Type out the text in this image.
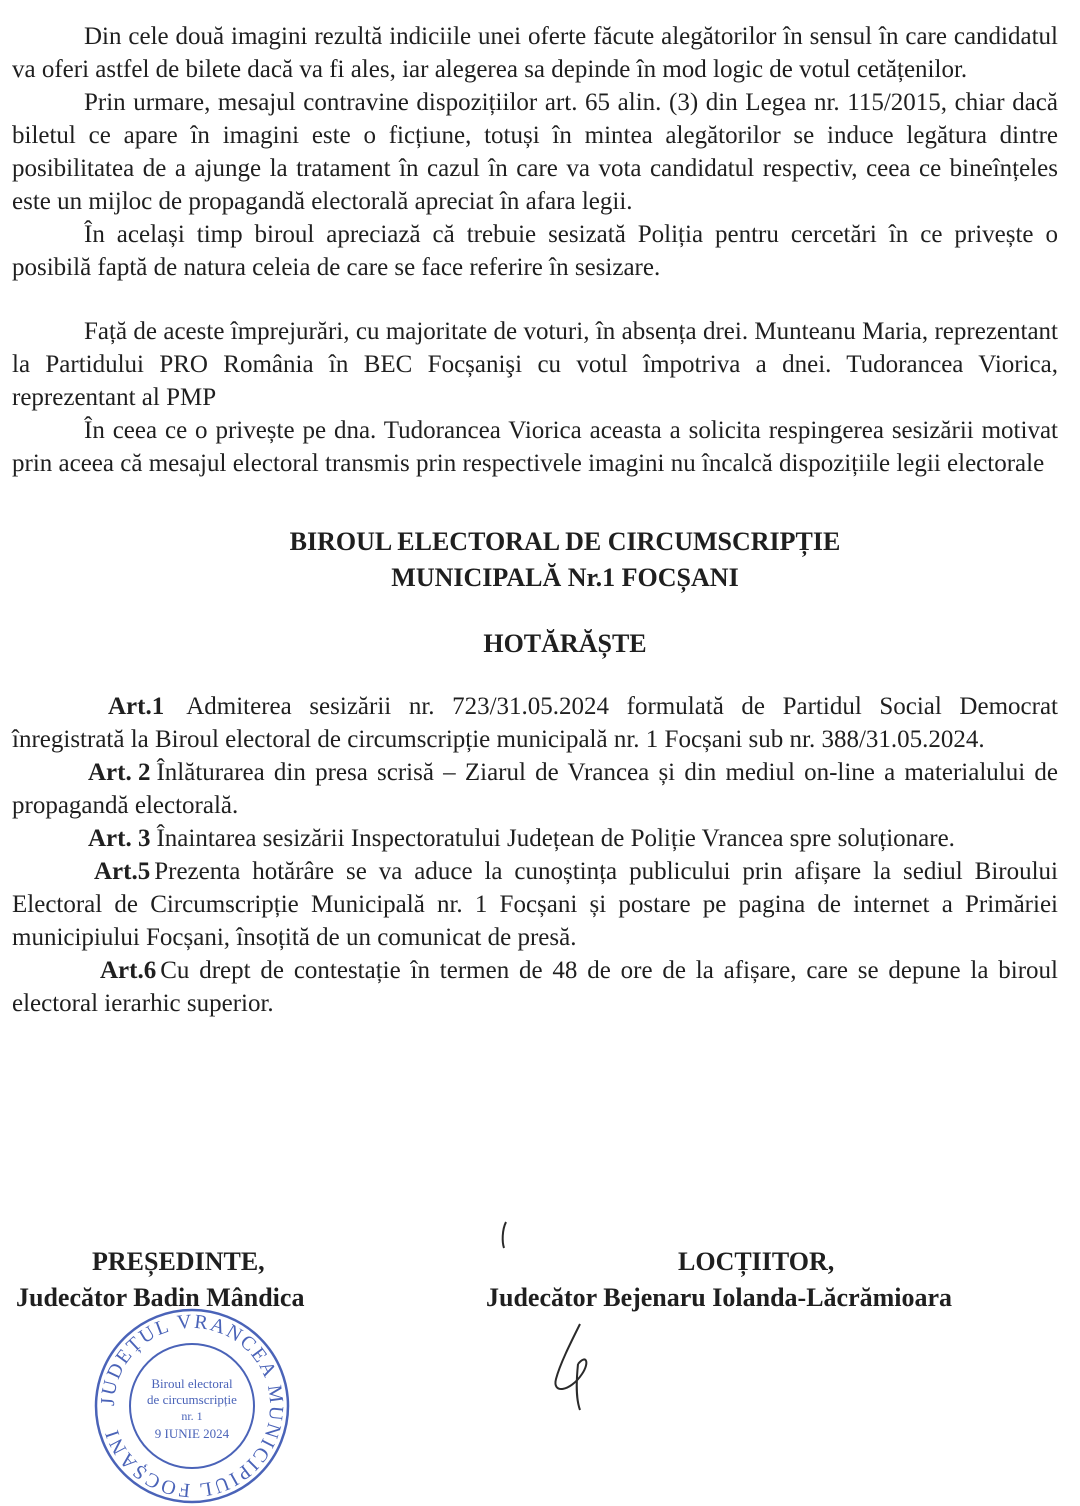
Din cele două imagini rezultă indiciile unei oferte făcute alegătorilor în sensul în care candidatul va oferi astfel de bilete dacă va fi ales, iar alegerea sa depinde în mod logic de votul cetățenilor.

Prin urmare, mesajul contravine dispozițiilor art. 65 alin. (3) din Legea nr. 115/2015, chiar dacă biletul ce apare în imagini este o ficțiune, totuși în mintea alegătorilor se induce legătura dintre posibilitatea de a ajunge la tratament în cazul în care va vota candidatul respectiv, ceea ce bineînțeles este un mijloc de propagandă electorală apreciat în afara legii.

În același timp biroul apreciază că trebuie sesizată Poliția pentru cercetări în ce privește o posibilă faptă de natura celeia de care se face referire în sesizare.

Față de aceste împrejurări, cu majoritate de voturi, în absența drei. Munteanu Maria, reprezentant la Partidului PRO România în BEC Focșanişi cu votul împotriva a dnei. Tudorancea Viorica, reprezentant al PMP

În ceea ce o privește pe dna. Tudorancea Viorica aceasta a solicita respingerea sesizării motivat prin aceea că mesajul electoral transmis prin respectivele imagini nu încalcă dispozițiile legii electorale

BIROUL ELECTORAL DE CIRCUMSCRIPȚIE
MUNICIPALĂ Nr.1 FOCȘANI
HOTĂRĂȘTE

Art.1 Admiterea sesizării nr. 723/31.05.2024 formulată de Partidul Social Democrat înregistrată la Biroul electoral de circumscripție municipală nr. 1 Focșani sub nr. 388/31.05.2024.

Art. 2 Înlăturarea din presa scrisă – Ziarul de Vrancea și din mediul on-line a materialului de propagandă electorală.

Art. 3 Înaintarea sesizării Inspectoratului Județean de Poliție Vrancea spre soluționare.

Art.5 Prezenta hotărâre se va aduce la cunoștința publicului prin afișare la sediul Biroului Electoral de Circumscripție Municipală nr. 1 Focșani și postare pe pagina de internet a Primăriei municipiului Focșani, însoțită de un comunicat de presă.

Art.6 Cu drept de contestație în termen de 48 de ore de la afișare, care se depune la biroul electoral ierarhic superior.

PREȘEDINTE,
Judecător Badin Mândica
LOCȚIITOR,
Judecător Bejenaru Iolanda-Lăcrămioara
JUDEȚUL VRANCEA MUNICIPIUL FOCȘANI
Biroul electoral
de circumscripție
nr. 1
9 IUNIE 2024
